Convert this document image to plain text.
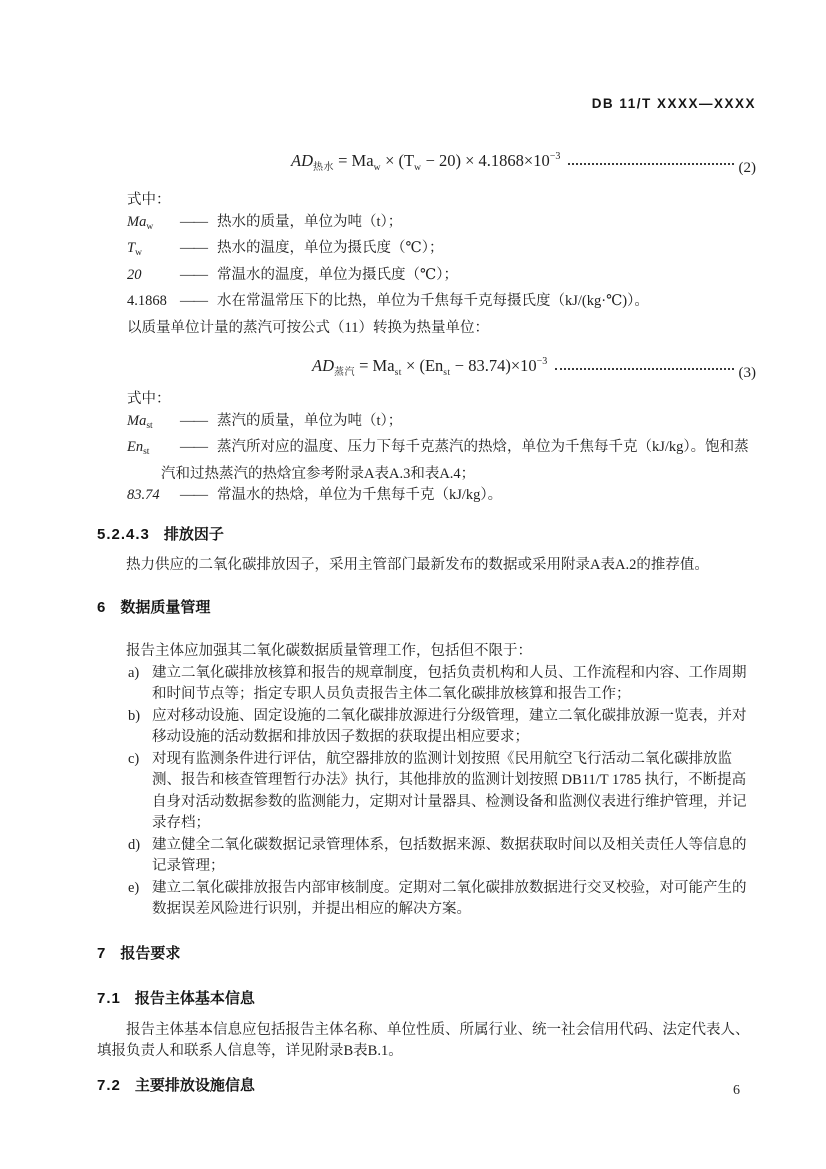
DB 11/T XXXX—XXXX
$AD_{热水} = Ma_w \times (T_w - 20) \times 4.1868\times 10^{-3}$
(2)
式中：
$Ma_w$ —— 热水的质量，单位为吨（t）；
$T_w$	—— 热水的温度，单位为摄氏度（℃）；
20	—— 常温水的温度，单位为摄氏度（℃）；
4.1868 —— 水在常温常压下的比热，单位为千焦每千克每摄氏度（kJ/(kg·℃)）。
以质量单位计量的蒸汽可按公式（11）转换为热量单位：
$AD_{蒸汽} = Ma_{st} \times (En_{st} - 83.74)\times 10^{-3}$
(3)
式中：
$Ma_{st}$ —— 蒸汽的质量，单位为吨（t）；
$En_{st}$ —— 蒸汽所对应的温度、压力下每千克蒸汽的热焓，单位为千焦每千克（kJ/kg）。饱和蒸汽和过热蒸汽的热焓宜参考附录A表A.3和表A.4；
83.74 —— 常温水的热焓，单位为千焦每千克（kJ/kg）。
5.2.4.3 排放因子
热力供应的二氧化碳排放因子，采用主管部门最新发布的数据或采用附录A表A.2的推荐值。
6 数据质量管理
报告主体应加强其二氧化碳数据质量管理工作，包括但不限于：
a) 建立二氧化碳排放核算和报告的规章制度，包括负责机构和人员、工作流程和内容、工作周期和时间节点等；指定专职人员负责报告主体二氧化碳排放核算和报告工作；
b) 应对移动设施、固定设施的二氧化碳排放源进行分级管理，建立二氧化碳排放源一览表，并对移动设施的活动数据和排放因子数据的获取提出相应要求；
c) 对现有监测条件进行评估，航空器排放的监测计划按照《民用航空飞行活动二氧化碳排放监测、报告和核查管理暂行办法》执行，其他排放的监测计划按照 DB11/T 1785 执行，不断提高自身对活动数据参数的监测能力，定期对计量器具、检测设备和监测仪表进行维护管理，并记录存档；
d) 建立健全二氧化碳数据记录管理体系，包括数据来源、数据获取时间以及相关责任人等信息的记录管理；
e) 建立二氧化碳排放报告内部审核制度。定期对二氧化碳排放数据进行交叉校验，对可能产生的数据误差风险进行识别，并提出相应的解决方案。
7 报告要求
7.1 报告主体基本信息
报告主体基本信息应包括报告主体名称、单位性质、所属行业、统一社会信用代码、法定代表人、填报负责人和联系人信息等，详见附录B表B.1。
7.2 主要排放设施信息	6
